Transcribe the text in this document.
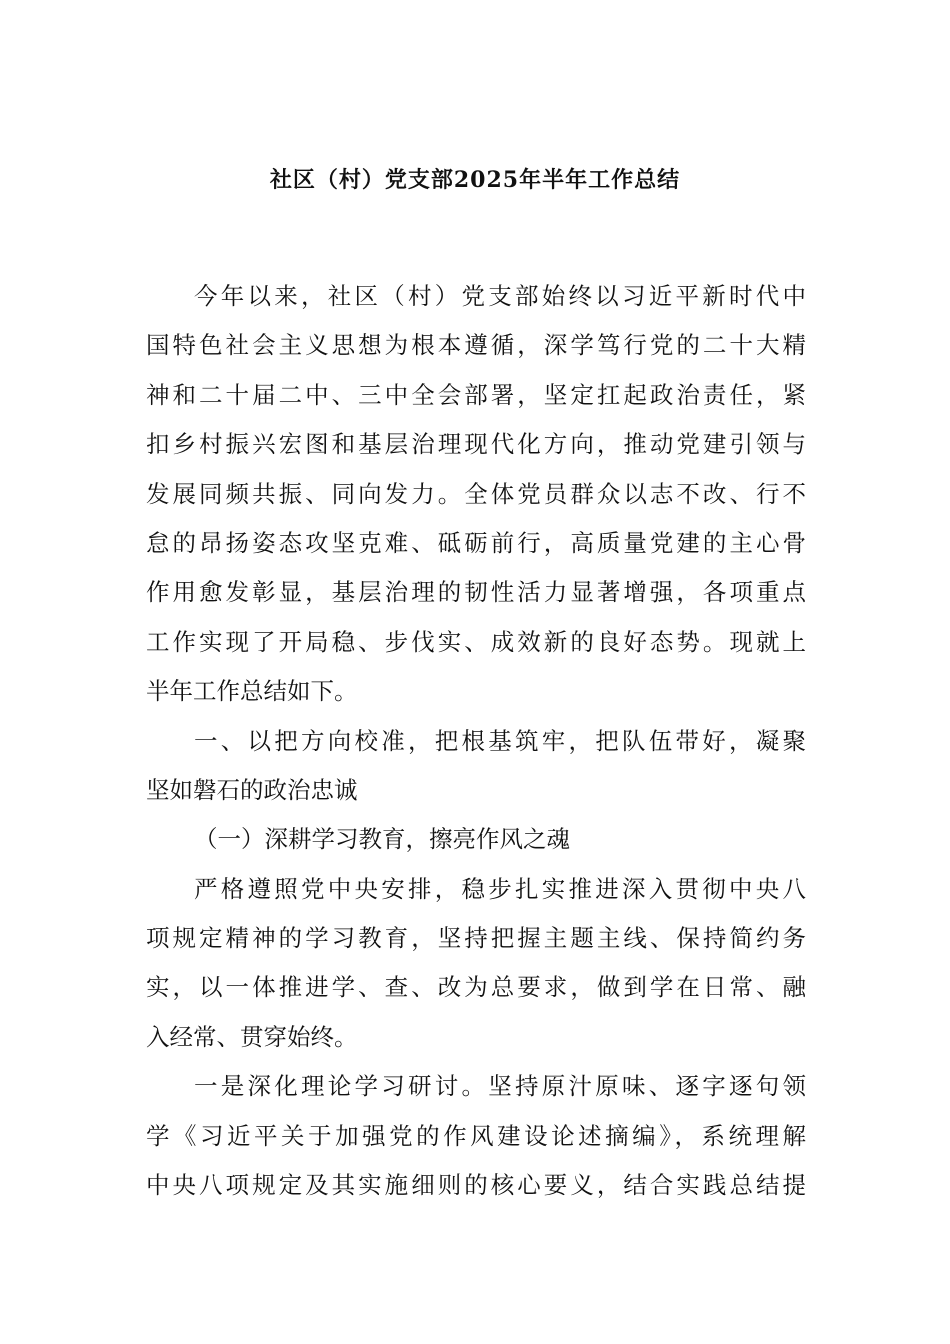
社区（村）党支部2025年半年工作总结
今年以来，社区（村）党支部始终以习近平新时代中
国特色社会主义思想为根本遵循，深学笃行党的二十大精
神和二十届二中、三中全会部署，坚定扛起政治责任，紧
扣乡村振兴宏图和基层治理现代化方向，推动党建引领与
发展同频共振、同向发力。全体党员群众以志不改、行不
怠的昂扬姿态攻坚克难、砥砺前行，高质量党建的主心骨
作用愈发彰显，基层治理的韧性活力显著增强，各项重点
工作实现了开局稳、步伐实、成效新的良好态势。现就上
半年工作总结如下。
一、以把方向校准，把根基筑牢，把队伍带好，凝聚
坚如磐石的政治忠诚
（一）深耕学习教育，擦亮作风之魂
严格遵照党中央安排，稳步扎实推进深入贯彻中央八
项规定精神的学习教育，坚持把握主题主线、保持简约务
实，以一体推进学、查、改为总要求，做到学在日常、融
入经常、贯穿始终。
一是深化理论学习研讨。坚持原汁原味、逐字逐句领
学《习近平关于加强党的作风建设论述摘编》，系统理解
中央八项规定及其实施细则的核心要义，结合实践总结提
